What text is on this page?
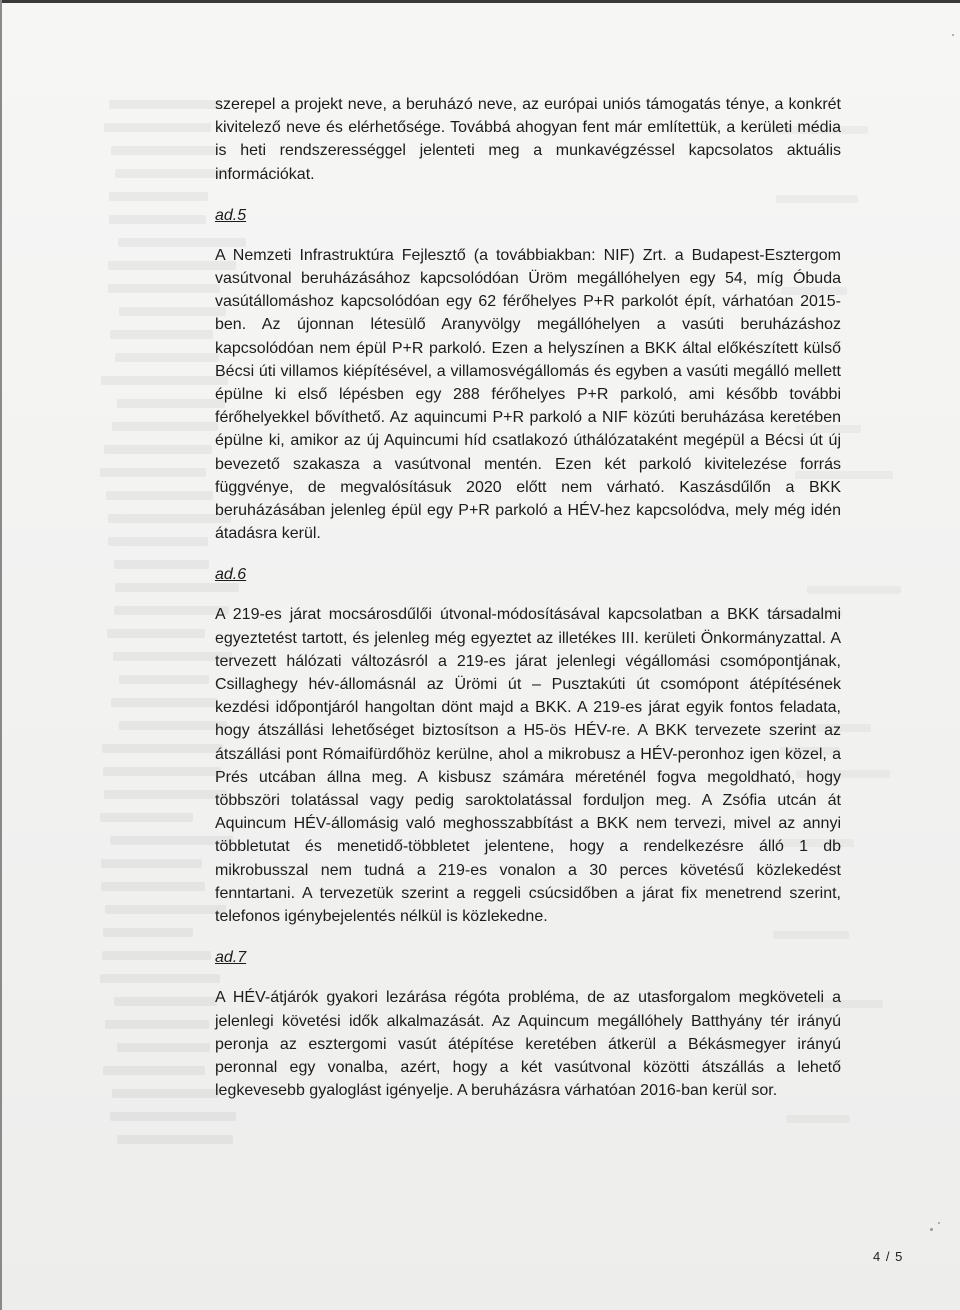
szerepel a projekt neve, a beruházó neve, az európai uniós támogatás ténye, a konkrét kivitelező neve és elérhetősége. Továbbá ahogyan fent már említettük, a kerületi média is heti rendszerességgel jelenteti meg a munkavégzéssel kapcsolatos aktuális információkat.

ad.5

A Nemzeti Infrastruktúra Fejlesztő (a továbbiakban: NIF) Zrt. a Budapest-Esztergom vasútvonal beruházásához kapcsolódóan Üröm megállóhelyen egy 54, míg Óbuda vasútállomáshoz kapcsolódóan egy 62 férőhelyes P+R parkolót épít, várhatóan 2015-ben. Az újonnan létesülő Aranyvölgy megállóhelyen a vasúti beruházáshoz kapcsolódóan nem épül P+R parkoló. Ezen a helyszínen a BKK által előkészített külső Bécsi úti villamos kiépítésével, a villamosvégállomás és egyben a vasúti megálló mellett épülne ki első lépésben egy 288 férőhelyes P+R parkoló, ami később további férőhelyekkel bővíthető. Az aquincumi P+R parkoló a NIF közúti beruházása keretében épülne ki, amikor az új Aquincumi híd csatlakozó úthálózataként megépül a Bécsi út új bevezető szakasza a vasútvonal mentén. Ezen két parkoló kivitelezése forrás függvénye, de megvalósításuk 2020 előtt nem várható. Kaszásdűlőn a BKK beruházásában jelenleg épül egy P+R parkoló a HÉV-hez kapcsolódva, mely még idén átadásra kerül.

ad.6

A 219-es járat mocsárosdűlői útvonal-módosításával kapcsolatban a BKK társadalmi egyeztetést tartott, és jelenleg még egyeztet az illetékes III. kerületi Önkormányzattal. A tervezett hálózati változásról a 219-es járat jelenlegi végállomási csomópontjának, Csillaghegy hév-állomásnál az Ürömi út – Pusztakúti út csomópont átépítésének kezdési időpontjáról hangoltan dönt majd a BKK. A 219-es járat egyik fontos feladata, hogy átszállási lehetőséget biztosítson a H5-ös HÉV-re. A BKK tervezete szerint az átszállási pont Rómaifürdőhöz kerülne, ahol a mikrobusz a HÉV-peronhoz igen közel, a Prés utcában állna meg. A kisbusz számára méreténél fogva megoldható, hogy többszöri tolatással vagy pedig saroktolatással forduljon meg. A Zsófia utcán át Aquincum HÉV-állomásig való meghosszabbítást a BKK nem tervezi, mivel az annyi többletutat és menetidő-többletet jelentene, hogy a rendelkezésre álló 1 db mikrobusszal nem tudná a 219-es vonalon a 30 perces követésű közlekedést fenntartani. A tervezetük szerint a reggeli csúcsidőben a járat fix menetrend szerint, telefonos igénybejelentés nélkül is közlekedne.

ad.7

A HÉV-átjárók gyakori lezárása régóta probléma, de az utasforgalom megköveteli a jelenlegi követési idők alkalmazását. Az Aquincum megállóhely Batthyány tér irányú peronja az esztergomi vasút átépítése keretében átkerül a Békásmegyer irányú peronnal egy vonalba, azért, hogy a két vasútvonal közötti átszállás a lehető legkevesebb gyaloglást igényelje. A beruházásra várhatóan 2016-ban kerül sor.

4 / 5
